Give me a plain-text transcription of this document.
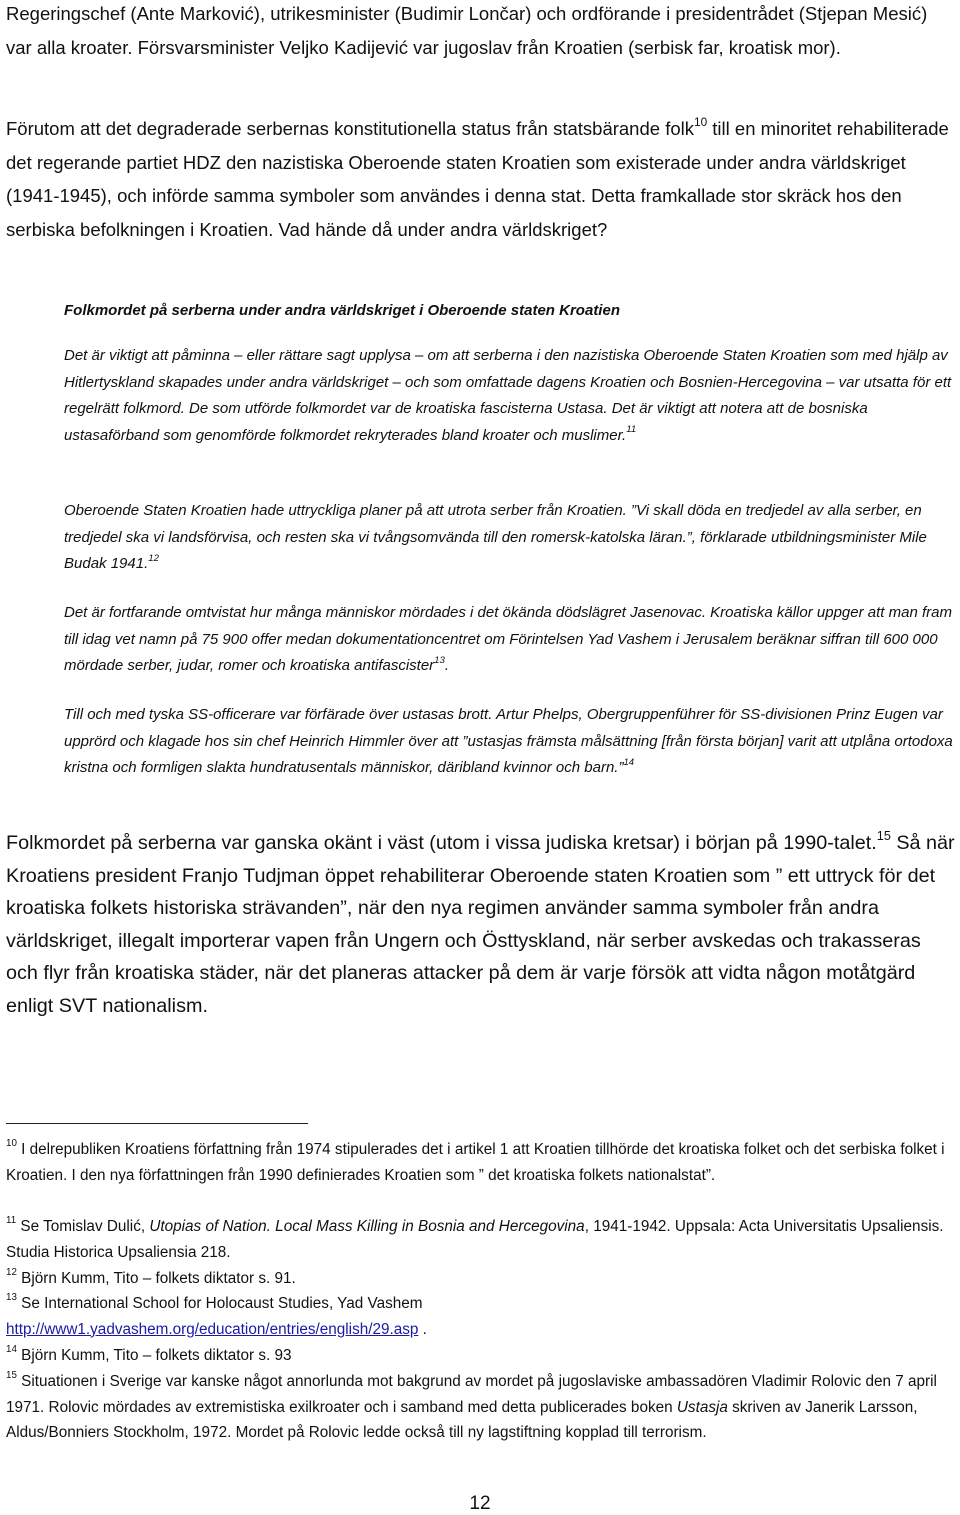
Regeringschef (Ante Marković), utrikesminister (Budimir Lončar) och ordförande i presidentrådet (Stjepan Mesić) var alla kroater. Försvarsminister Veljko Kadijević var jugoslav från Kroatien (serbisk far, kroatisk mor).

Förutom att det degraderade serbernas konstitutionella status från statsbärande folk$^{10}$ till en minoritet rehabiliterade det regerande partiet HDZ den nazistiska Oberoende staten Kroatien som existerade under andra världskriget (1941-1945), och införde samma symboler som användes i denna stat. Detta framkallade stor skräck hos den serbiska befolkningen i Kroatien. Vad hände då under andra världskriget?

Folkmordet på serberna under andra världskriget i Oberoende staten Kroatien

Det är viktigt att påminna – eller rättare sagt upplysa – om att serberna i den nazistiska Oberoende Staten Kroatien som med hjälp av Hitlertyskland skapades under andra världskriget – och som omfattade dagens Kroatien och Bosnien-Hercegovina – var utsatta för ett regelrätt folkmord. De som utförde folkmordet var de kroatiska fascisterna Ustasa. Det är viktigt att notera att de bosniska ustasaförband som genomförde folkmordet rekryterades bland kroater och muslimer.$^{11}$

Oberoende Staten Kroatien hade uttryckliga planer på att utrota serber från Kroatien. ”Vi skall döda en tredjedel av alla serber, en tredjedel ska vi landsförvisa, och resten ska vi tvångsomvända till den romersk-katolska läran.”, förklarade utbildningsminister Mile Budak 1941.12

Det är fortfarande omtvistat hur många människor mördades i det ökända dödslägret Jasenovac. Kroatiska källor uppger att man fram till idag vet namn på 75 900 offer medan dokumentationcentret om Förintelsen Yad Vashem i Jerusalem beräknar siffran till 600 000 mördade serber, judar, romer och kroatiska antifascister$^{13}$.

Till och med tyska SS-officerare var förfärade över ustasas brott. Artur Phelps, Obergruppenführer för SS-divisionen Prinz Eugen var upprörd och klagade hos sin chef Heinrich Himmler över att ”ustasjas främsta målsättning [från första början] varit att utplåna ortodoxa kristna och formligen slakta hundratusentals människor, däribland kvinnor och barn.”$^{14}$

Folkmordet på serberna var ganska okänt i väst (utom i vissa judiska kretsar) i början på 1990-talet.$^{15}$ Så när Kroatiens president Franjo Tudjman öppet rehabiliterar Oberoende staten Kroatien som ” ett uttryck för det kroatiska folkets historiska strävanden”, när den nya regimen använder samma symboler från andra världskriget, illegalt importerar vapen från Ungern och Östtyskland, när serber avskedas och trakasseras och flyr från kroatiska städer, när det planeras attacker på dem är varje försök att vidta någon motåtgärd enligt SVT nationalism.

$^{10}$ I delrepubliken Kroatiens författning från 1974 stipulerades det i artikel 1 att Kroatien tillhörde det kroatiska folket och det serbiska folket i Kroatien. I den nya författningen från 1990 definierades Kroatien som ” det kroatiska folkets nationalstat”.

$^{11}$ Se Tomislav Dulić, Utopias of Nation. Local Mass Killing in Bosnia and Hercegovina, 1941-1942. Uppsala: Acta Universitatis Upsaliensis. Studia Historica Upsaliensia 218.

$^{12}$ Björn Kumm, Tito – folkets diktator s. 91.

$^{13}$ Se International School for Holocaust Studies, Yad Vashem
http://www1.yadvashem.org/education/entries/english/29.asp .

$^{14}$ Björn Kumm, Tito – folkets diktator s. 93

$^{15}$ Situationen i Sverige var kanske något annorlunda mot bakgrund av mordet på jugoslaviske ambassadören Vladimir Rolovic den 7 april 1971. Rolovic mördades av extremistiska exilkroater och i samband med detta publicerades boken Ustasja skriven av Janerik Larsson, Aldus/Bonniers Stockholm, 1972. Mordet på Rolovic ledde också till ny lagstiftning kopplad till terrorism.

12
